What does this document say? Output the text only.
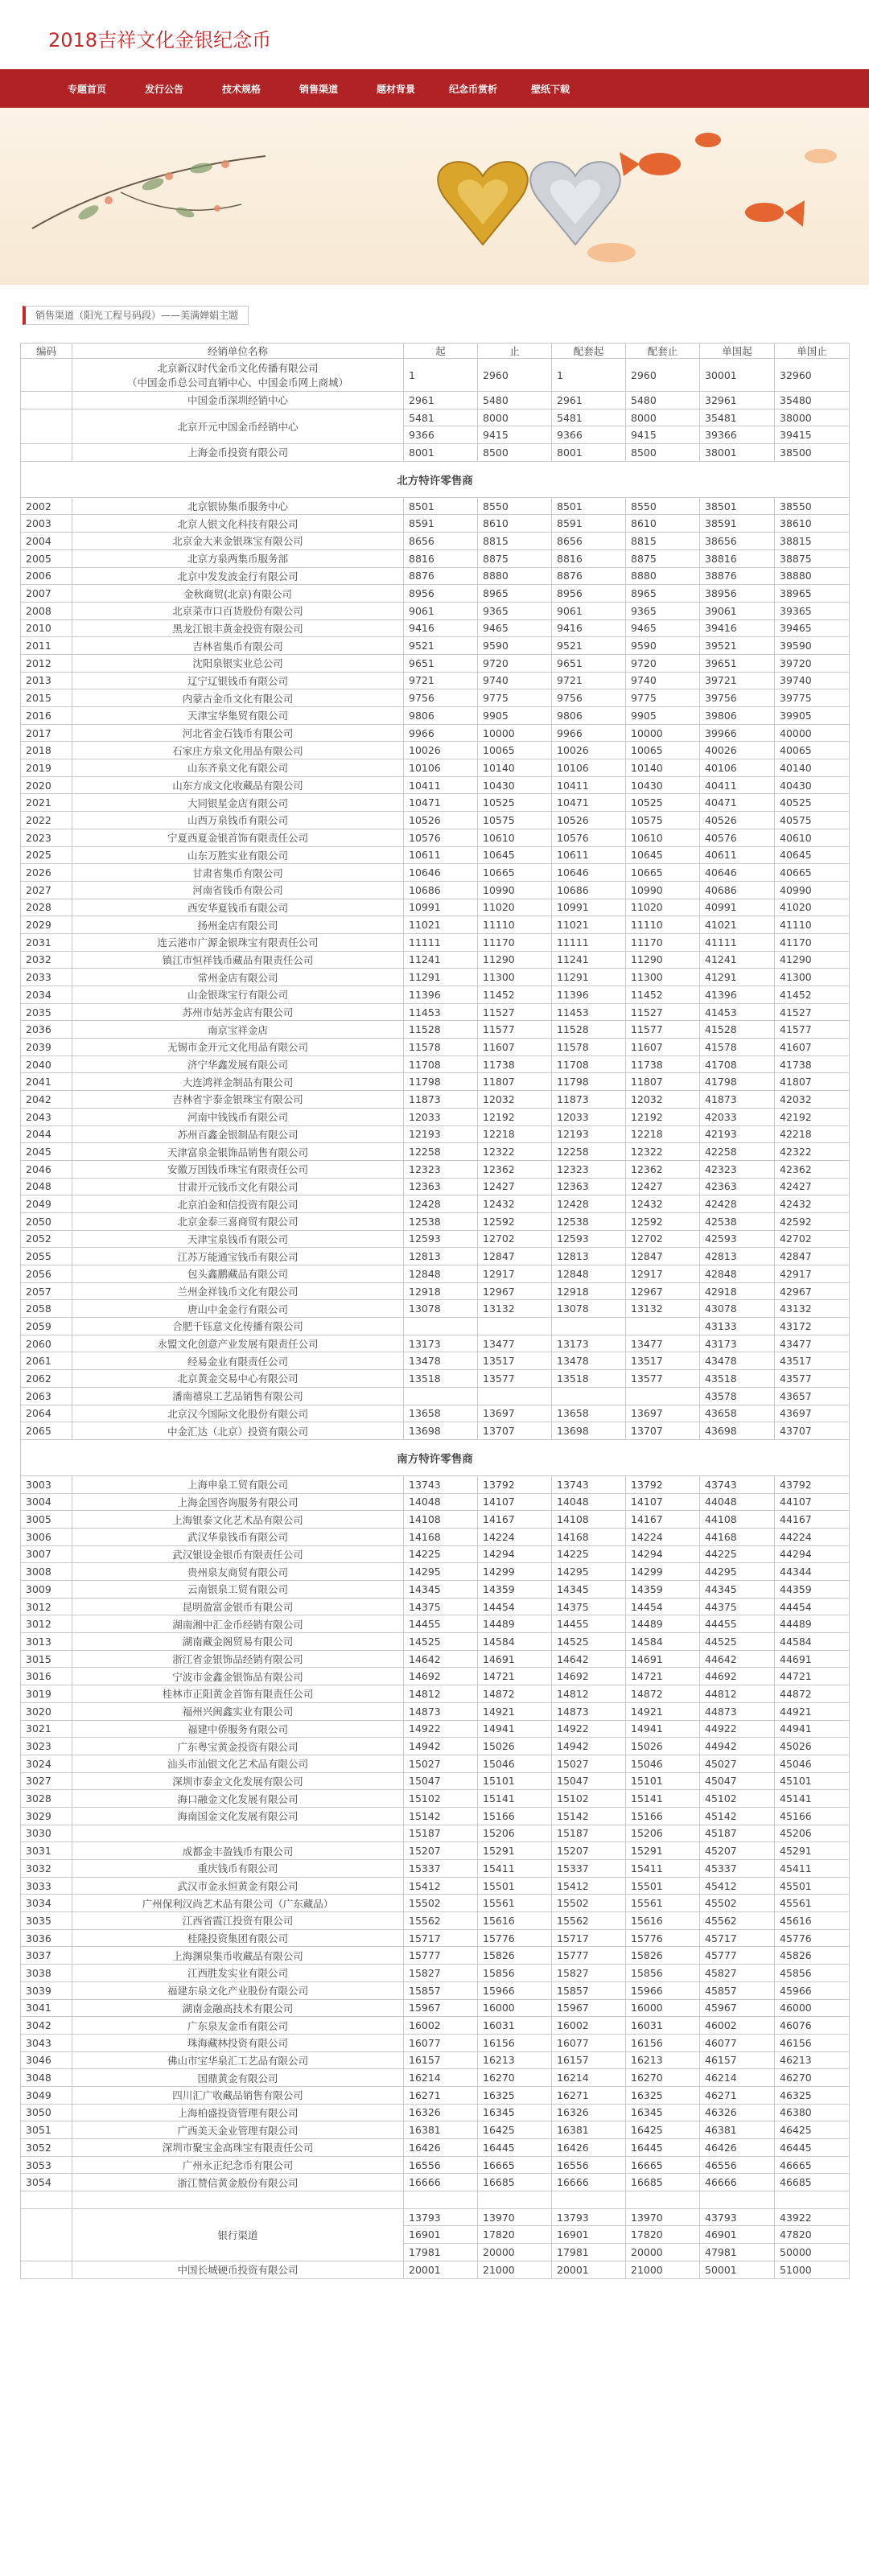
2018吉祥文化金银纪念币
专题首页	发行公告	技术规格	销售渠道	题材背景	纪念币赏析	壁纸下载
销售渠道（阳光工程号码段）——美满婵娟主题
编码	经销单位名称	起	止	配套起	配套止	单国起	单国止

	北京新汉时代金币文化传播有限公司
（中国金币总公司直销中心、中国金币网上商城）	1	2960	1	2960	30001	32960

	中国金币深圳经销中心	2961	5480	2961	5480	32961	35480

	北京开元中国金币经销中心	5481	8000	5481	8000	35481	38000
		9366	9415	9366	9415	39366	39415

	上海金币投资有限公司	8001	8500	8001	8500	38001	38500
北方特许零售商							
2002	北京银协集币服务中心	8501	8550	8501	8550	38501	38550
2003	北京人银文化科技有限公司	8591	8610	8591	8610	38591	38610
2004	北京金大来金银珠宝有限公司	8656	8815	8656	8815	38656	38815
2005	北京方泉两集币服务部	8816	8875	8816	8875	38816	38875
2006	北京中发发波金行有限公司	8876	8880	8876	8880	38876	38880
2007	金秋商贸(北京)有限公司	8956	8965	8956	8965	38956	38965
2008	北京菜市口百货股份有限公司	9061	9365	9061	9365	39061	39365
2010	黑龙江银丰黄金投资有限公司	9416	9465	9416	9465	39416	39465
2011	吉林省集币有限公司	9521	9590	9521	9590	39521	39590
2012	沈阳泉银实业总公司	9651	9720	9651	9720	39651	39720
2013	辽宁辽银钱币有限公司	9721	9740	9721	9740	39721	39740
2015	内蒙古金币文化有限公司	9756	9775	9756	9775	39756	39775
2016	天津宝华集贸有限公司	9806	9905	9806	9905	39806	39905
2017	河北省金石钱币有限公司	9966	10000	9966	10000	39966	40000
2018	石家庄方泉文化用品有限公司	10026	10065	10026	10065	40026	40065
2019	山东齐泉文化有限公司	10106	10140	10106	10140	40106	40140
2020	山东方成文化收藏品有限公司	10411	10430	10411	10430	40411	40430
2021	大同银星金店有限公司	10471	10525	10471	10525	40471	40525
2022	山西万泉钱币有限公司	10526	10575	10526	10575	40526	40575
2023	宁夏西夏金银首饰有限责任公司	10576	10610	10576	10610	40576	40610
2025	山东万胜实业有限公司	10611	10645	10611	10645	40611	40645
2026	甘肃省集币有限公司	10646	10665	10646	10665	40646	40665
2027	河南省钱币有限公司	10686	10990	10686	10990	40686	40990
2028	西安华夏钱币有限公司	10991	11020	10991	11020	40991	41020
2029	扬州金店有限公司	11021	11110	11021	11110	41021	41110
2031	连云港市广源金银珠宝有限责任公司	11111	11170	11111	11170	41111	41170
2032	镇江市恒祥钱币藏品有限责任公司	11241	11290	11241	11290	41241	41290
2033	常州金店有限公司	11291	11300	11291	11300	41291	41300
2034	山金银珠宝行有限公司	11396	11452	11396	11452	41396	41452
2035	苏州市姑苏金店有限公司	11453	11527	11453	11527	41453	41527
2036	南京宝祥金店	11528	11577	11528	11577	41528	41577
2039	无锡市金开元文化用品有限公司	11578	11607	11578	11607	41578	41607
2040	济宁华鑫发展有限公司	11708	11738	11708	11738	41708	41738
2041	大连鸿祥金制品有限公司	11798	11807	11798	11807	41798	41807
2042	吉林省宇泰金银珠宝有限公司	11873	12032	11873	12032	41873	42032
2043	河南中钱钱币有限公司	12033	12192	12033	12192	42033	42192
2044	苏州百鑫金银制品有限公司	12193	12218	12193	12218	42193	42218
2045	天津富泉金银饰品销售有限公司	12258	12322	12258	12322	42258	42322
2046	安徽万国钱币珠宝有限责任公司	12323	12362	12323	12362	42323	42362
2048	甘肃开元钱币文化有限公司	12363	12427	12363	12427	42363	42427
2049	北京泊金和信投资有限公司	12428	12432	12428	12432	42428	42432
2050	北京金泰三喜商贸有限公司	12538	12592	12538	12592	42538	42592
2052	天津宝泉钱币有限公司	12593	12702	12593	12702	42593	42702
2055	江苏万能通宝钱币有限公司	12813	12847	12813	12847	42813	42847
2056	包头鑫鹏藏品有限公司	12848	12917	12848	12917	42848	42917
2057	兰州金祥钱币文化有限公司	12918	12967	12918	12967	42918	42967
2058	唐山中金金行有限公司	13078	13132	13078	13132	43078	43132
2059	合肥千钰意文化传播有限公司					43133	43172
2060	永盟文化创意产业发展有限责任公司	13173	13477	13173	13477	43173	43477
2061	经易金业有限责任公司	13478	13517	13478	13517	43478	43517
2062	北京黄金交易中心有限公司	13518	13577	13518	13577	43518	43577
2063	潘南禧泉工艺品销售有限公司					43578	43657
2064	北京汉今国际文化股份有限公司	13658	13697	13658	13697	43658	43697
2065	中金汇达（北京）投资有限公司	13698	13707	13698	13707	43698	43707
南方特许零售商							
3003	上海申泉工贸有限公司	13743	13792	13743	13792	43743	43792
3004	上海金国咨询服务有限公司	14048	14107	14048	14107	44048	44107
3005	上海银泰文化艺术品有限公司	14108	14167	14108	14167	44108	44167
3006	武汉华泉钱币有限公司	14168	14224	14168	14224	44168	44224
3007	武汉银设金银币有限责任公司	14225	14294	14225	14294	44225	44294
3008	贵州泉友商贸有限公司	14295	14299	14295	14299	44295	44344
3009	云南银泉工贸有限公司	14345	14359	14345	14359	44345	44359
3012	昆明盈富金银币有限公司	14375	14454	14375	14454	44375	44454
3012	湖南湘中汇金币经销有限公司	14455	14489	14455	14489	44455	44489
3013	湖南藏金阁贸易有限公司	14525	14584	14525	14584	44525	44584
3015	浙江省金银饰品经销有限公司	14642	14691	14642	14691	44642	44691
3016	宁波市金鑫金银饰品有限公司	14692	14721	14692	14721	44692	44721
3019	桂林市正阳黄金首饰有限责任公司	14812	14872	14812	14872	44812	44872
3020	福州兴闽鑫实业有限公司	14873	14921	14873	14921	44873	44921
3021	福建中侨服务有限公司	14922	14941	14922	14941	44922	44941
3023	广东粤宝黄金投资有限公司	14942	15026	14942	15026	44942	45026
3024	汕头市汕银文化艺术品有限公司	15027	15046	15027	15046	45027	45046
3027	深圳市泰金文化发展有限公司	15047	15101	15047	15101	45047	45101
3028	海口融金文化发展有限公司	15102	15141	15102	15141	45102	45141
3029	海南国金文化发展有限公司	15142	15166	15142	15166	45142	45166
3030		15187	15206	15187	15206	45187	45206
3031	成都金丰盈钱币有限公司	15207	15291	15207	15291	45207	45291
3032	重庆钱币有限公司	15337	15411	15337	15411	45337	45411
3033	武汉市金永恒黄金有限公司	15412	15501	15412	15501	45412	45501
3034	广州保利汉尚艺术品有限公司（广东藏品）	15502	15561	15502	15561	45502	45561
3035	江西省霞江投资有限公司	15562	15616	15562	15616	45562	45616
3036	桂隆投资集团有限公司	15717	15776	15717	15776	45717	45776
3037	上海渊泉集币收藏品有限公司	15777	15826	15777	15826	45777	45826
3038	江西胜发实业有限公司	15827	15856	15827	15856	45827	45856
3039	福建东泉文化产业股份有限公司	15857	15966	15857	15966	45857	45966
3041	湖南金融高技术有限公司	15967	16000	15967	16000	45967	46000
3042	广东泉友金币有限公司	16002	16031	16002	16031	46002	46076
3043	珠海藏林投资有限公司	16077	16156	16077	16156	46077	46156
3046	佛山市宝华泉汇工艺品有限公司	16157	16213	16157	16213	46157	46213
3048	国鼎黄金有限公司	16214	16270	16214	16270	46214	46270
3049	四川汇广收藏品销售有限公司	16271	16325	16271	16325	46271	46325
3050	上海柏盛投资管理有限公司	16326	16345	16326	16345	46326	46380
3051	广西美天金业管理有限公司	16381	16425	16381	16425	46381	46425
3052	深圳市聚宝金高珠宝有限责任公司	16426	16445	16426	16445	46426	46445
3053	广州永正纪念币有限公司	16556	16665	16556	16665	46556	46665
3054	浙江赞信黄金股份有限公司	16666	16685	16666	16685	46666	46685

	银行渠道	13793	13970	13793	13970	43793	43922
		16901	17820	16901	17820	46901	47820
		17981	20000	17981	20000	47981	50000
	中国长城硬币投资有限公司	20001	21000	20001	21000	50001	51000
